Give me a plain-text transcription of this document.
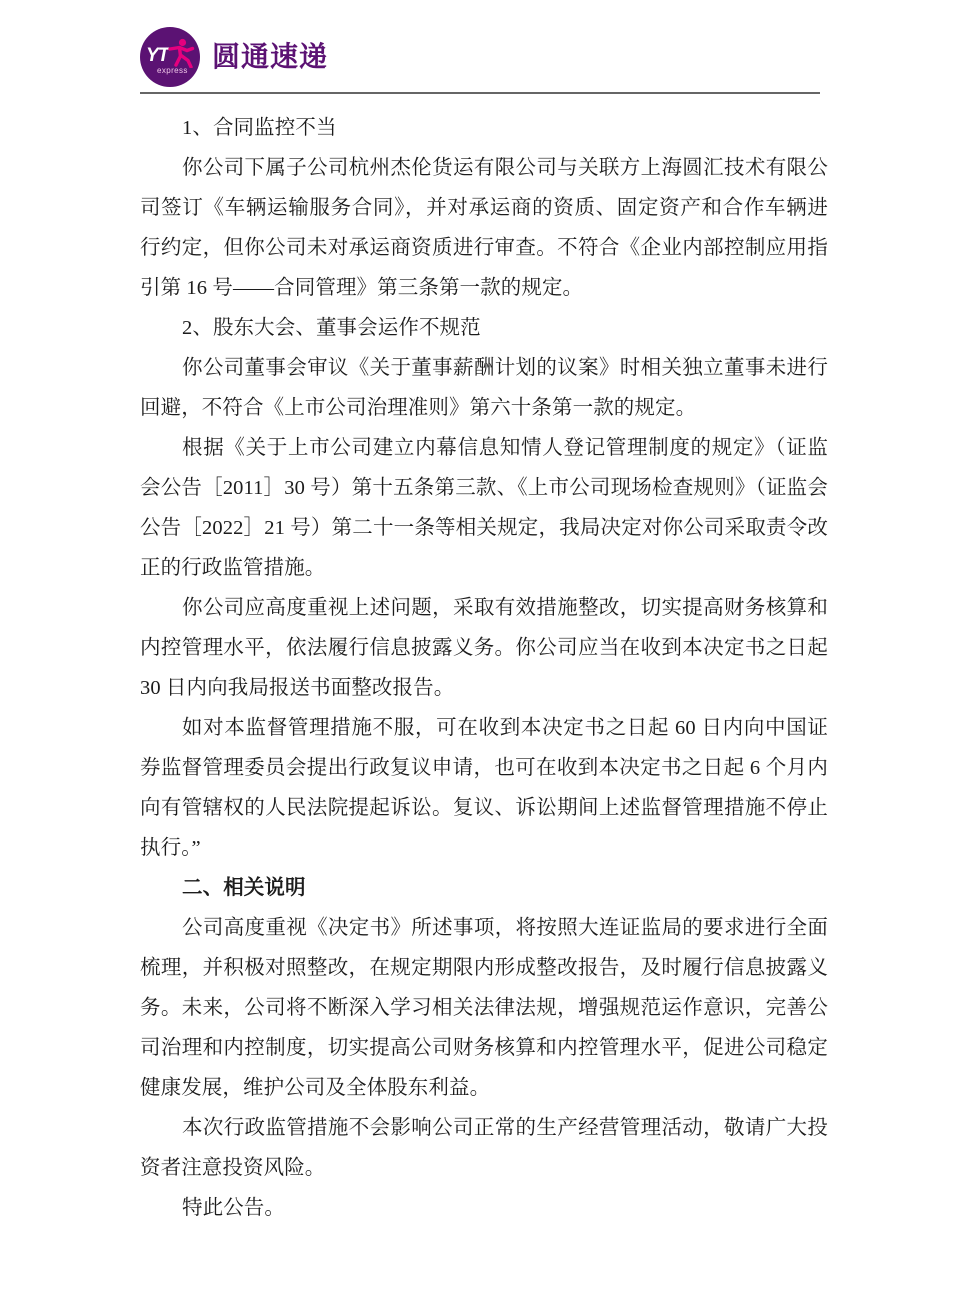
YT
express 圆通速递

1、合同监控不当

你公司下属子公司杭州杰伦货运有限公司与关联方上海圆汇技术有限公司签订《车辆运输服务合同》，并对承运商的资质、固定资产和合作车辆进行约定，但你公司未对承运商资质进行审查。不符合《企业内部控制应用指引第 16 号——合同管理》第三条第一款的规定。

2、股东大会、董事会运作不规范

你公司董事会审议《关于董事薪酬计划的议案》时相关独立董事未进行回避，不符合《上市公司治理准则》第六十条第一款的规定。

根据《关于上市公司建立内幕信息知情人登记管理制度的规定》（证监会公告［2011］30 号）第十五条第三款、《上市公司现场检查规则》（证监会公告［2022］21 号）第二十一条等相关规定，我局决定对你公司采取责令改正的行政监管措施。

你公司应高度重视上述问题，采取有效措施整改，切实提高财务核算和内控管理水平，依法履行信息披露义务。你公司应当在收到本决定书之日起 30 日内向我局报送书面整改报告。

如对本监督管理措施不服，可在收到本决定书之日起 60 日内向中国证券监督管理委员会提出行政复议申请，也可在收到本决定书之日起 6 个月内向有管辖权的人民法院提起诉讼。复议、诉讼期间上述监督管理措施不停止执行。”

二、相关说明

公司高度重视《决定书》所述事项，将按照大连证监局的要求进行全面梳理，并积极对照整改，在规定期限内形成整改报告，及时履行信息披露义务。未来，公司将不断深入学习相关法律法规，增强规范运作意识，完善公司治理和内控制度，切实提高公司财务核算和内控管理水平，促进公司稳定健康发展，维护公司及全体股东利益。

本次行政监管措施不会影响公司正常的生产经营管理活动，敬请广大投资者注意投资风险。

特此公告。
